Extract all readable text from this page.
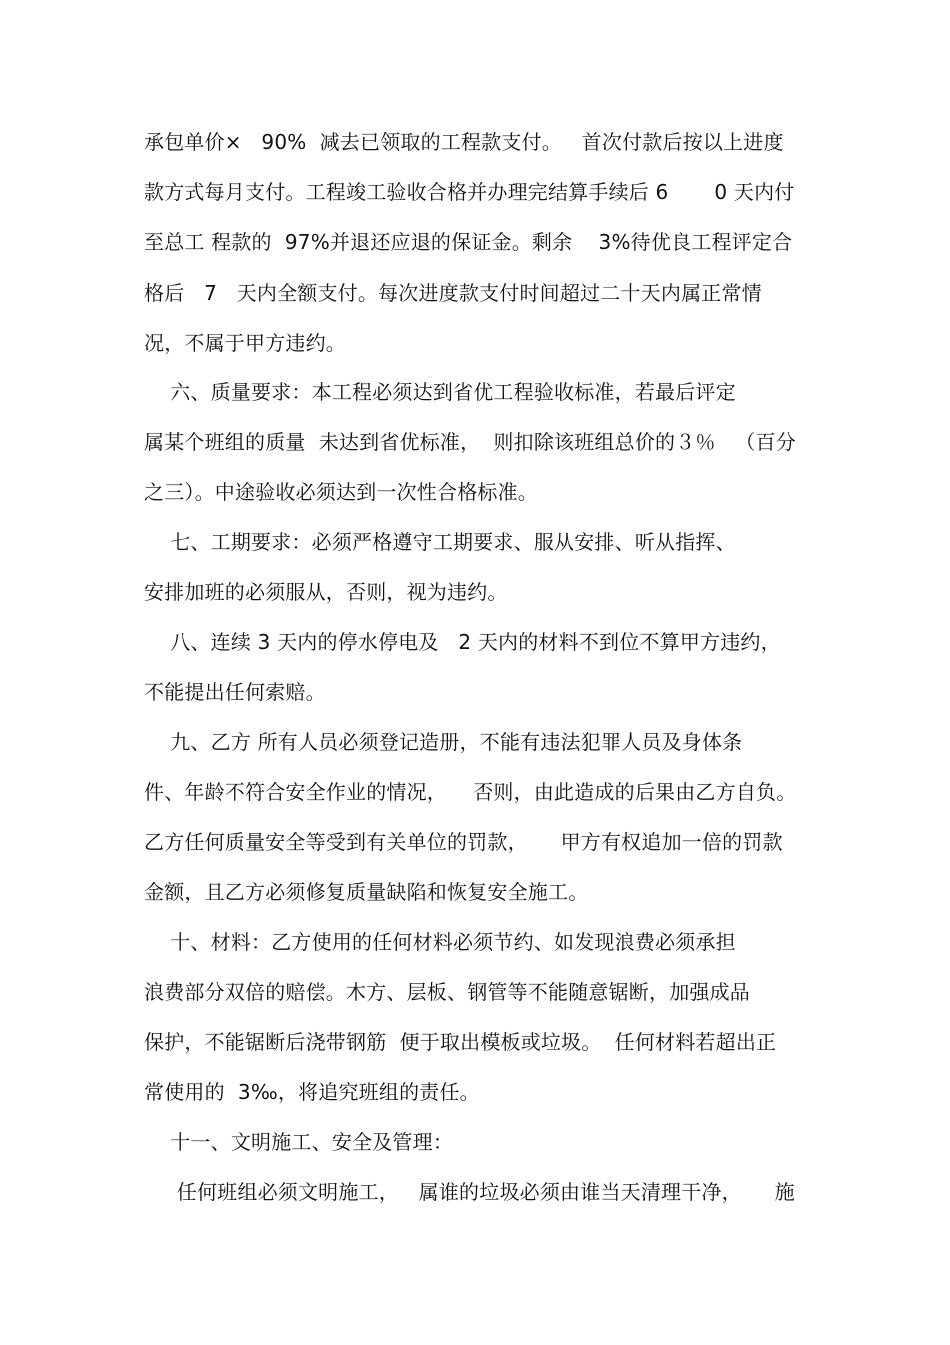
承包单价×   90%  减去已领取的工程款支付。   首次付款后按以上进度
款方式每月支付。工程竣工验收合格并办理完结算手续后 6       0 天内付
至总工 程款的  97%并退还应退的保证金。剩余    3%待优良工程评定合
格后   7   天内全额支付。每次进度款支付时间超过二十天内属正常情
况，不属于甲方违约。
六、质量要求：本工程必须达到省优工程验收标准，若最后评定
属某个班组的质量  未达到省优标准，  则扣除该班组总价的３％   （百分
之三）。中途验收必须达到一次性合格标准。
七、工期要求：必须严格遵守工期要求、服从安排、听从指挥、
安排加班的必须服从，否则，视为违约。
八、连续 3 天内的停水停电及   2 天内的材料不到位不算甲方违约，
不能提出任何索赔。
九、乙方 所有人员必须登记造册，不能有违法犯罪人员及身体条
件、年龄不符合安全作业的情况，    否则，由此造成的后果由乙方自负。
乙方任何质量安全等受到有关单位的罚款，     甲方有权追加一倍的罚款
金额，且乙方必须修复质量缺陷和恢复安全施工。
十、材料：乙方使用的任何材料必须节约、如发现浪费必须承担
浪费部分双倍的赔偿。木方、层板、钢管等不能随意锯断，加强成品
保护，不能锯断后浇带钢筋  便于取出模板或垃圾。  任何材料若超出正
常使用的  3‰，将追究班组的责任。
十一、文明施工、安全及管理：
任何班组必须文明施工，   属谁的垃圾必须由谁当天清理干净，     施
